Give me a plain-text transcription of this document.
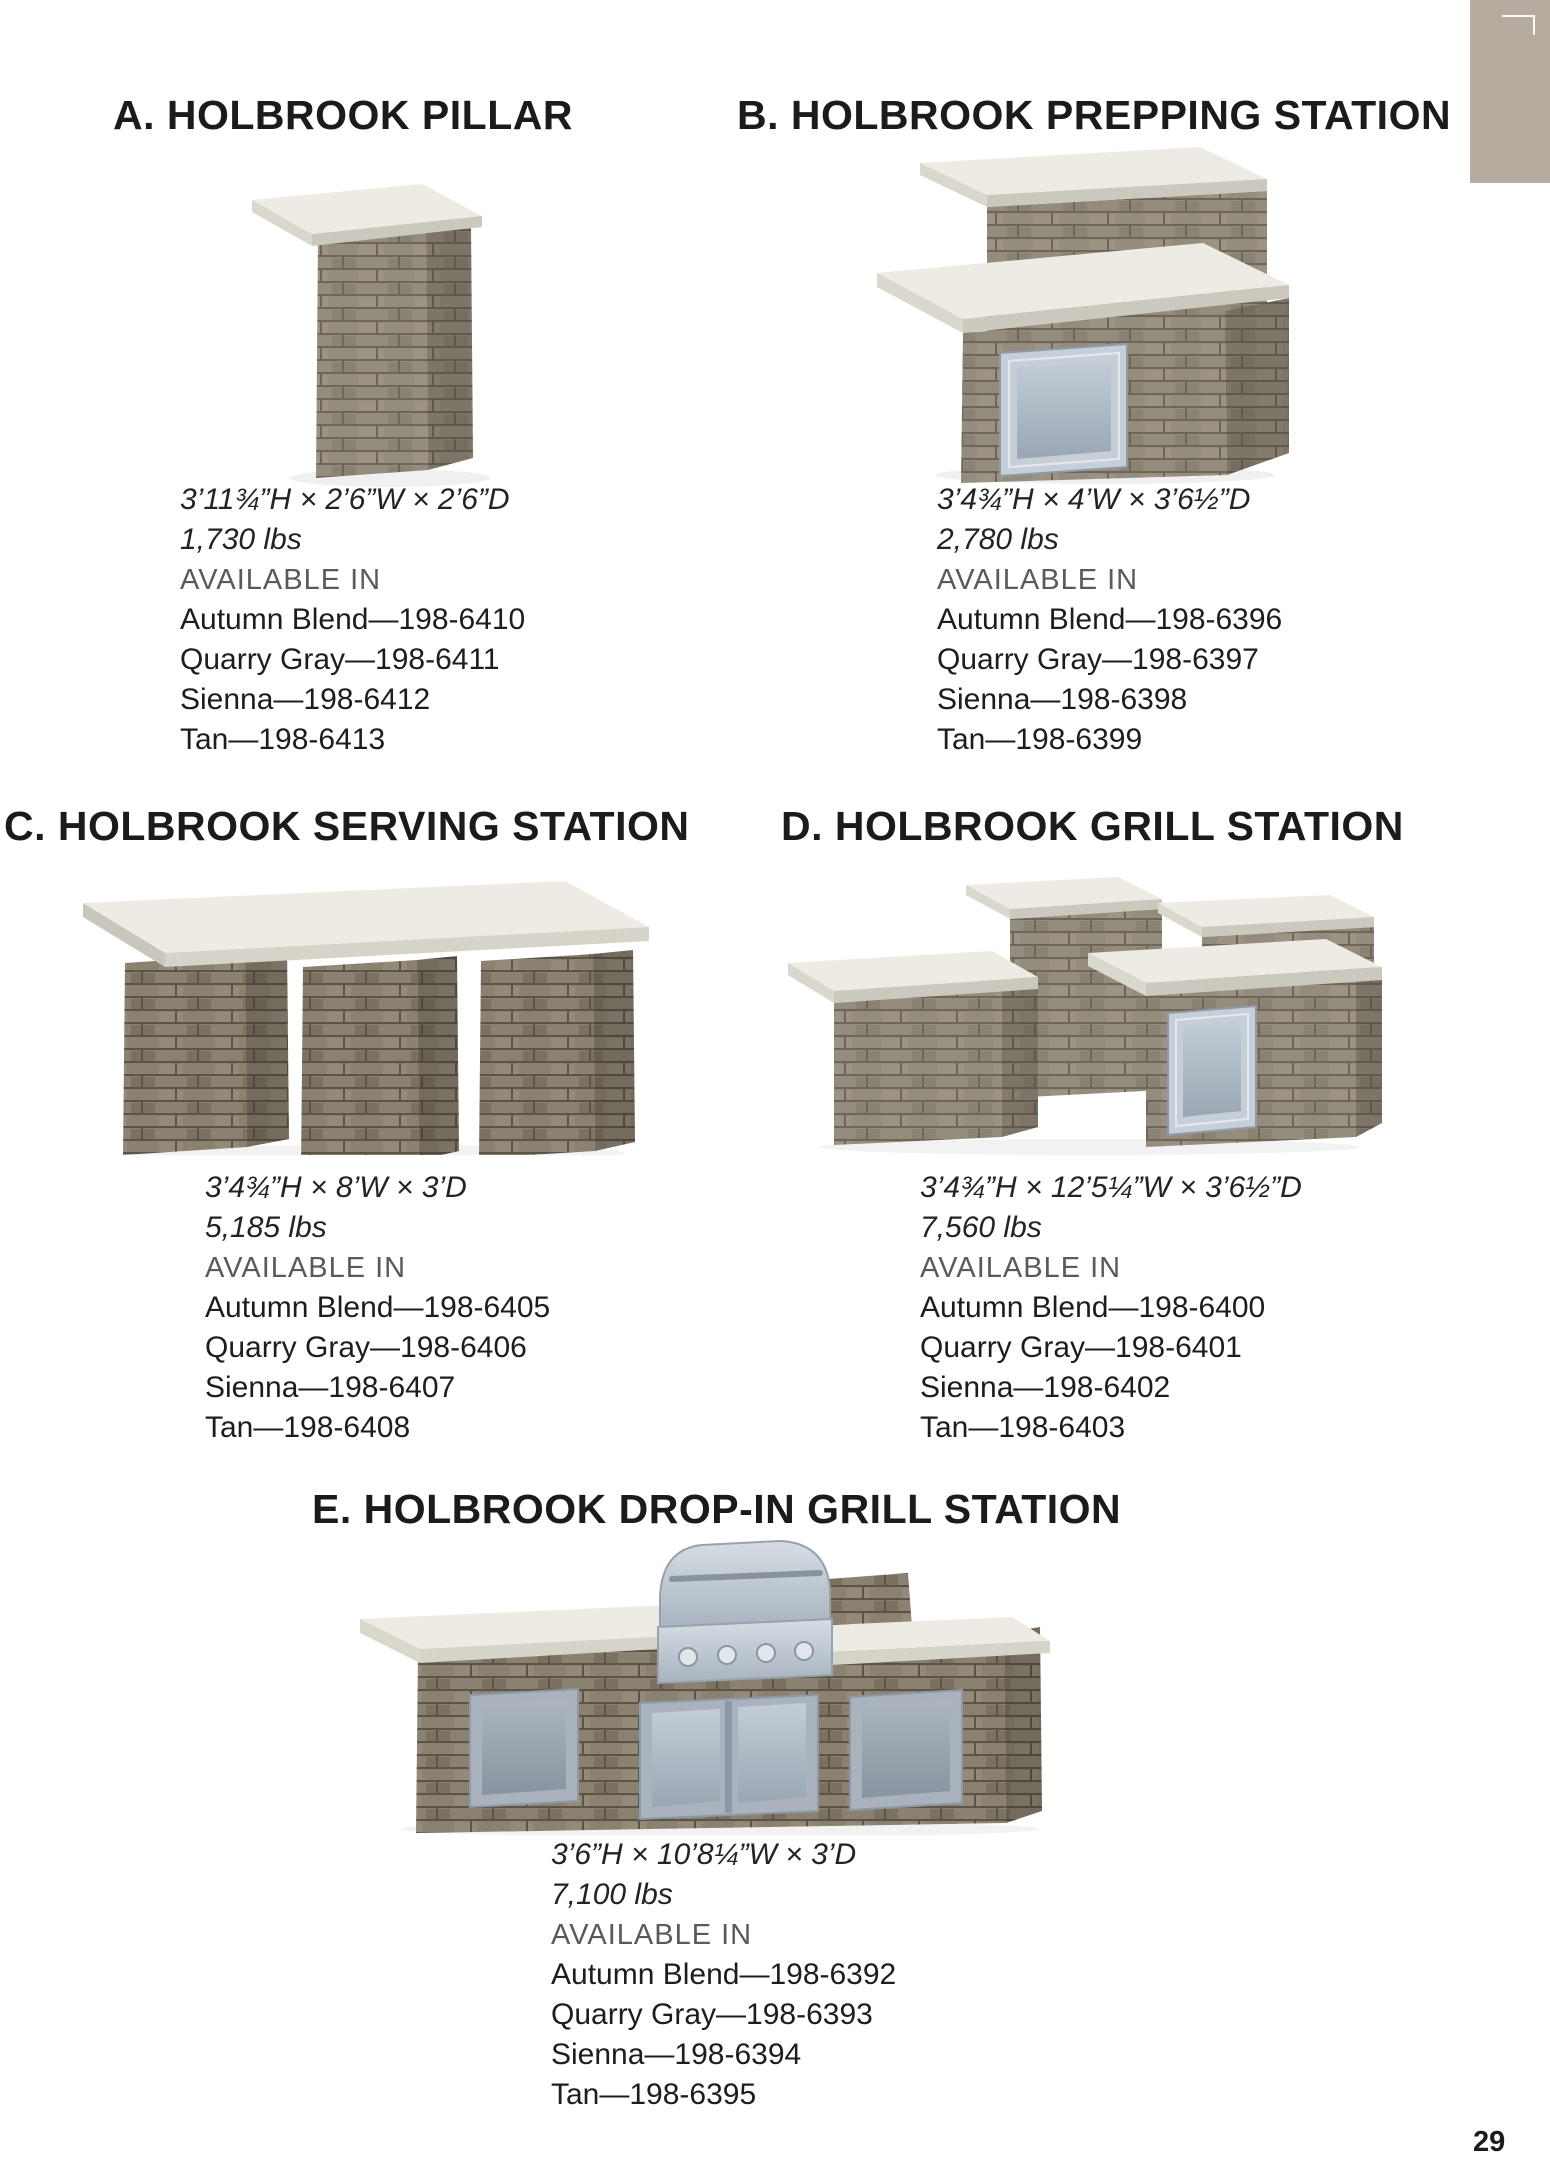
A. HOLBROOK PILLAR
3’11¾”H × 2’6”W × 2’6”D
1,730 lbs
AVAILABLE IN
Autumn Blend—198-6410
Quarry Gray—198-6411
Sienna—198-6412
Tan—198-6413
B. HOLBROOK PREPPING STATION
3’4¾”H × 4’W × 3’6½”D
2,780 lbs
AVAILABLE IN
Autumn Blend—198-6396
Quarry Gray—198-6397
Sienna—198-6398
Tan—198-6399
C. HOLBROOK SERVING STATION
3’4¾”H × 8’W × 3’D
5,185 lbs
AVAILABLE IN
Autumn Blend—198-6405
Quarry Gray—198-6406
Sienna—198-6407
Tan—198-6408
D. HOLBROOK GRILL STATION
3’4¾”H × 12’5¼”W × 3’6½”D
7,560 lbs
AVAILABLE IN
Autumn Blend—198-6400
Quarry Gray—198-6401
Sienna—198-6402
Tan—198-6403
E. HOLBROOK DROP-IN GRILL STATION
3’6”H × 10’8¼”W × 3’D
7,100 lbs
AVAILABLE IN
Autumn Blend—198-6392
Quarry Gray—198-6393
Sienna—198-6394
Tan—198-6395
29
